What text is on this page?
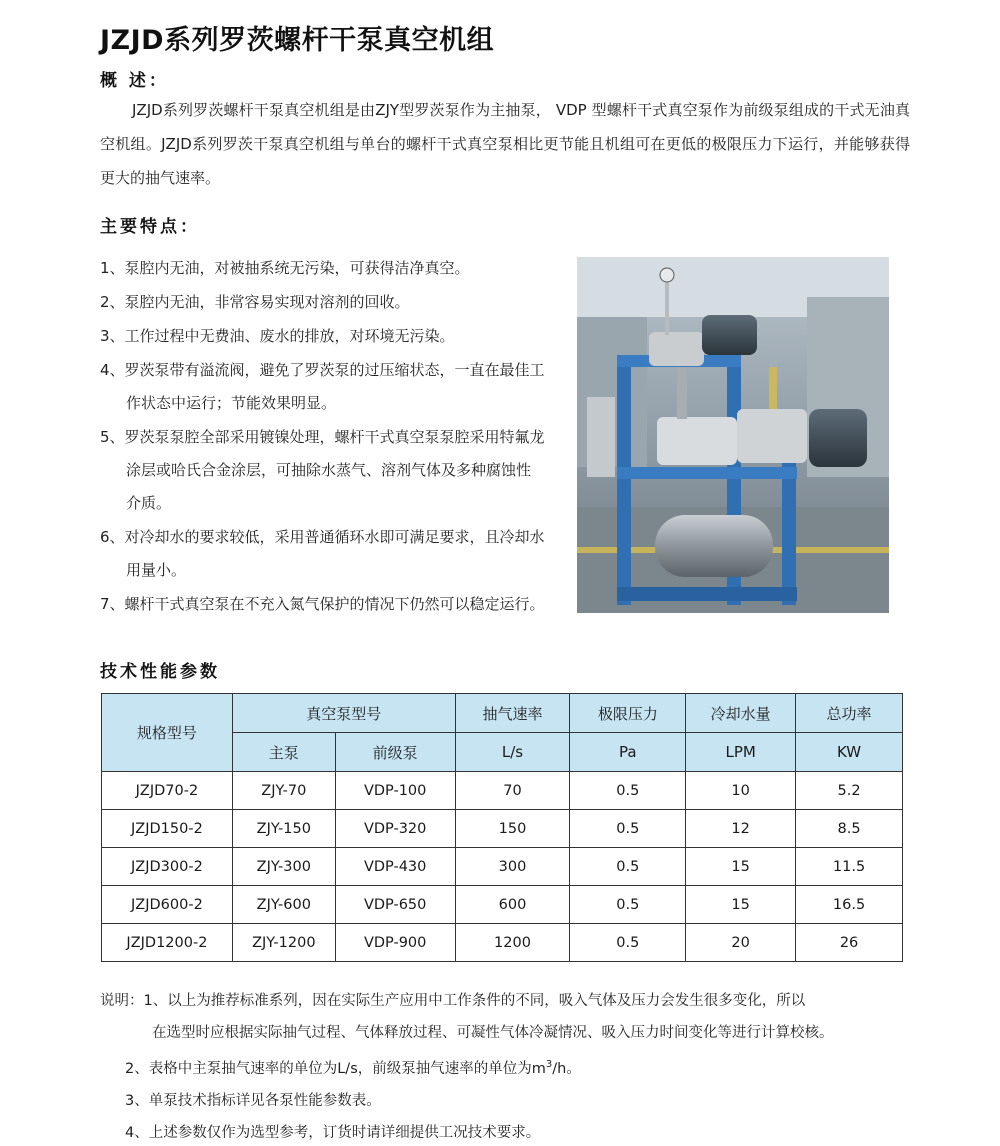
JZJD系列罗茨螺杆干泵真空机组
概 述：
JZJD系列罗茨螺杆干泵真空机组是由ZJY型罗茨泵作为主抽泵， VDP 型螺杆干式真空泵作为前级泵组成的干式无油真空机组。JZJD系列罗茨干泵真空机组与单台的螺杆干式真空泵相比更节能且机组可在更低的极限压力下运行，并能够获得更大的抽气速率。
主要特点：
1、泵腔内无油，对被抽系统无污染，可获得洁净真空。
2、泵腔内无油，非常容易实现对溶剂的回收。
3、工作过程中无费油、废水的排放，对环境无污染。
4、罗茨泵带有溢流阀，避免了罗茨泵的过压缩状态，一直在最佳工作状态中运行；节能效果明显。
5、罗茨泵泵腔全部采用镀镍处理，螺杆干式真空泵泵腔采用特氟龙涂层或哈氏合金涂层，可抽除水蒸气、溶剂气体及多种腐蚀性介质。
6、对冷却水的要求较低，采用普通循环水即可满足要求，且冷却水用量小。
7、螺杆干式真空泵在不充入氮气保护的情况下仍然可以稳定运行。
技术性能参数
规格型号	真空泵型号		抽气速率	极限压力	冷却水量	总功率
	主泵	前级泵	L/s	Pa	LPM	KW
JZJD70-2	ZJY-70	VDP-100	70	0.5	10	5.2
JZJD150-2	ZJY-150	VDP-320	150	0.5	12	8.5
JZJD300-2	ZJY-300	VDP-430	300	0.5	15	11.5
JZJD600-2	ZJY-600	VDP-650	600	0.5	15	16.5
JZJD1200-2	ZJY-1200	VDP-900	1200	0.5	20	26
说明：1、以上为推荐标准系列，因在实际生产应用中工作条件的不同，吸入气体及压力会发生很多变化，所以
在选型时应根据实际抽气过程、气体释放过程、可凝性气体冷凝情况、吸入压力时间变化等进行计算校核。
2、表格中主泵抽气速率的单位为L/s，前级泵抽气速率的单位为$m^3/h$。
3、单泵技术指标详见各泵性能参数表。
4、上述参数仅作为选型参考，订货时请详细提供工况技术要求。
